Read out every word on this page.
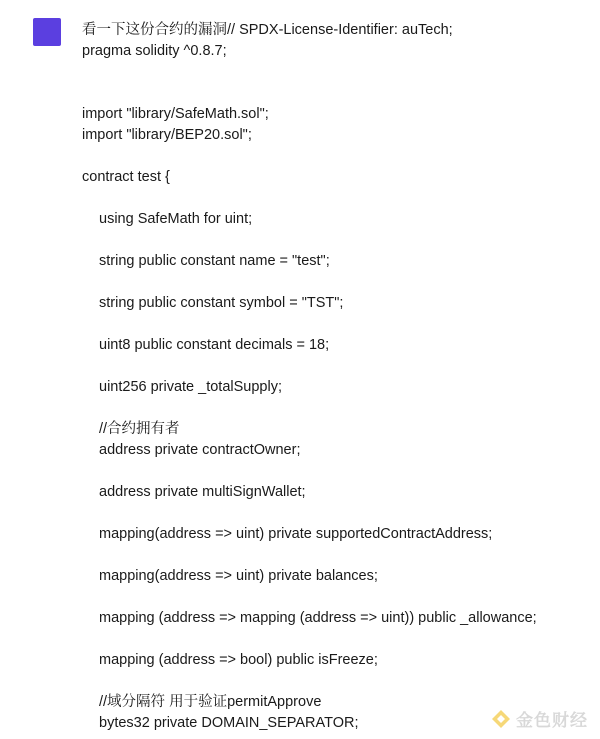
看一下这份合约的漏洞// SPDX-License-Identifier: auTech;
pragma solidity ^0.8.7;
import "library/SafeMath.sol";
import "library/BEP20.sol";
contract test {
using SafeMath for uint;
string public constant name = "test";
string public constant symbol = "TST";
uint8 public constant decimals = 18;
uint256 private _totalSupply;
//合约拥有者
address private contractOwner;
address private multiSignWallet;
mapping(address => uint) private supportedContractAddress;
mapping(address => uint) private balances;
mapping (address => mapping (address => uint)) public _allowance;
mapping (address => bool) public isFreeze;
//域分隔符 用于验证permitApprove
bytes32 private DOMAIN_SEPARATOR;	金色财经
